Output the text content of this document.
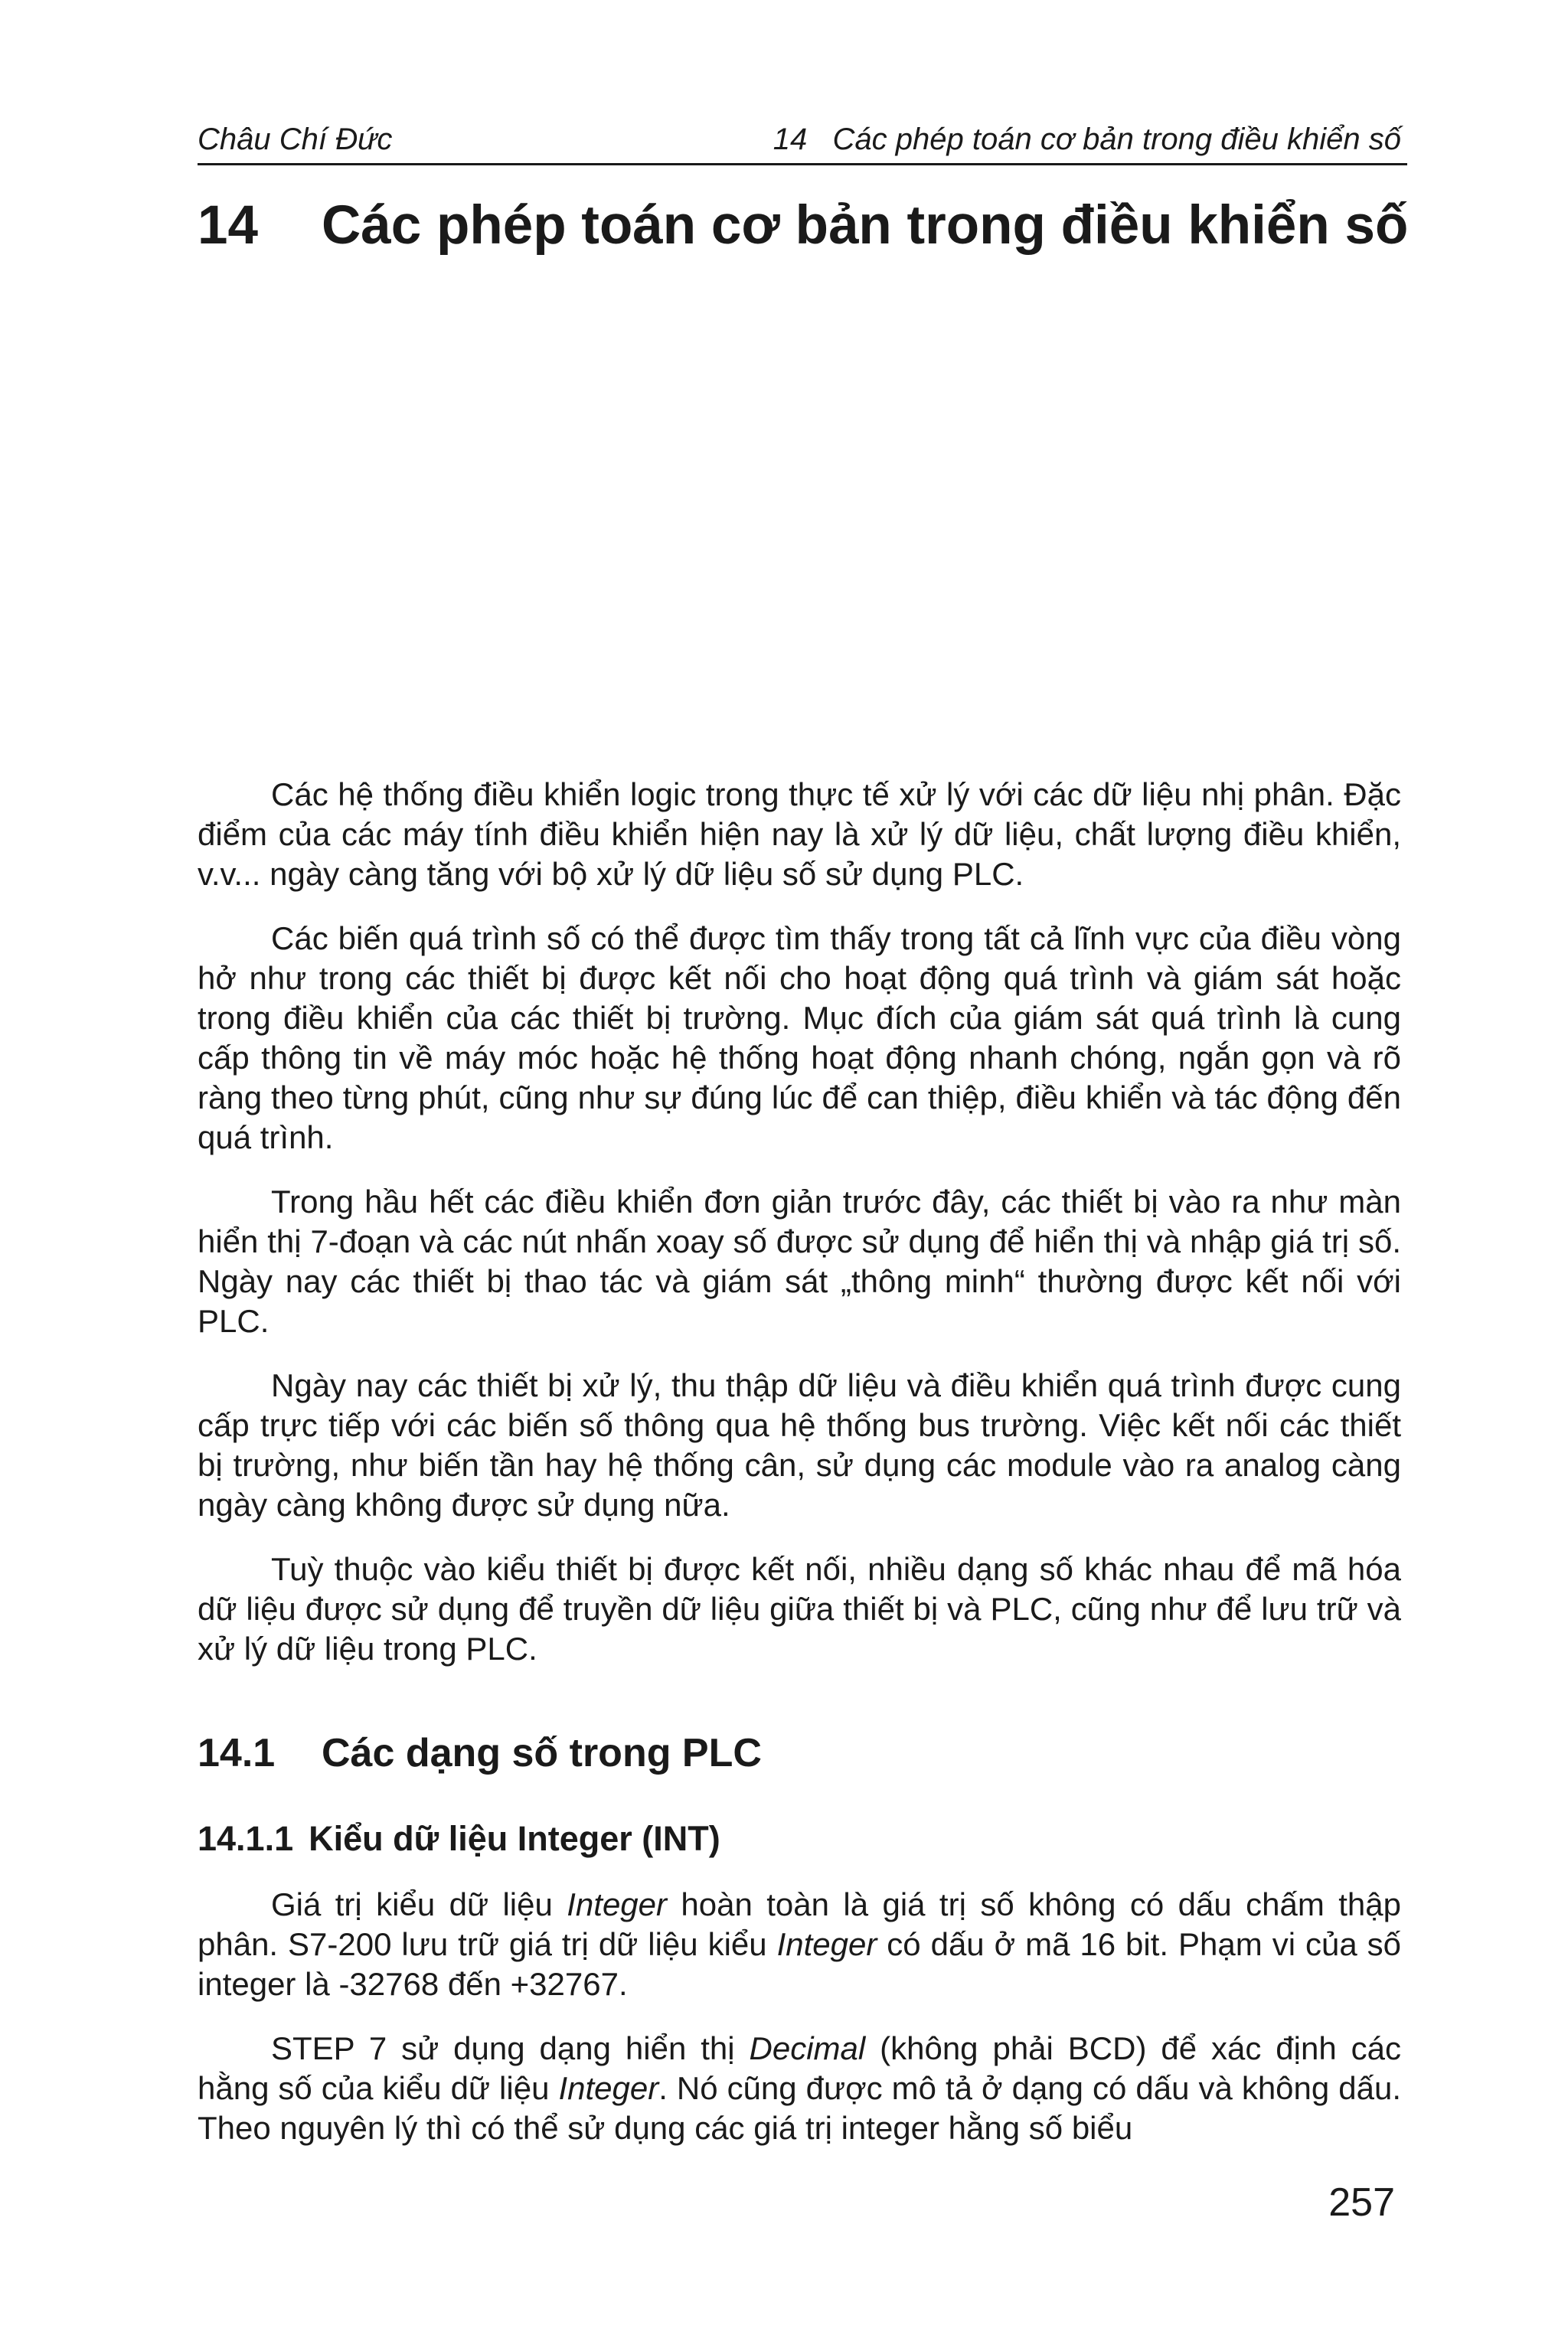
Châu Chí Đức	14   Các phép toán cơ bản trong điều khiển số
14	Các phép toán cơ bản trong điều khiển số

Các hệ thống điều khiển logic trong thực tế xử lý với các dữ liệu nhị phân. Đặc điểm của các máy tính điều khiển hiện nay là xử lý dữ liệu, chất lượng điều khiển, v.v... ngày càng tăng với bộ xử lý dữ liệu số sử dụng PLC.

Các biến quá trình số có thể được tìm thấy trong tất cả lĩnh vực của điều vòng hở như trong các thiết bị được kết nối cho hoạt động quá trình và giám sát hoặc trong điều khiển của các thiết bị trường. Mục đích của giám sát quá trình là cung cấp thông tin về máy móc hoặc hệ thống hoạt động nhanh chóng, ngắn gọn và rõ ràng theo từng phút, cũng như sự đúng lúc để can thiệp, điều khiển và tác động đến quá trình.

Trong hầu hết các điều khiển đơn giản trước đây, các thiết bị vào ra như màn hiển thị 7-đoạn và các nút nhấn xoay số được sử dụng để hiển thị và nhập giá trị số. Ngày nay các thiết bị thao tác và giám sát „thông minh“ thường được kết nối với PLC.

Ngày nay các thiết bị xử lý, thu thập dữ liệu và điều khiển quá trình được cung cấp trực tiếp với các biến số thông qua hệ thống bus trường. Việc kết nối các thiết bị trường, như biến tần hay hệ thống cân, sử dụng các module vào ra analog càng ngày càng không được sử dụng nữa.

Tuỳ thuộc vào kiểu thiết bị được kết nối, nhiều dạng số khác nhau để mã hóa dữ liệu được sử dụng để truyền dữ liệu giữa thiết bị và PLC, cũng như để lưu trữ và xử lý dữ liệu trong PLC.

14.1	Các dạng số trong PLC
14.1.1 Kiểu dữ liệu Integer (INT)

Giá trị kiểu dữ liệu Integer hoàn toàn là giá trị số không có dấu chấm thập phân. S7-200 lưu trữ giá trị dữ liệu kiểu Integer có dấu ở mã 16 bit. Phạm vi của số integer là -32768 đến +32767.

STEP 7 sử dụng dạng hiển thị Decimal (không phải BCD) để xác định các hằng số của kiểu dữ liệu Integer. Nó cũng được mô tả ở dạng có dấu và không dấu. Theo nguyên lý thì có thể sử dụng các giá trị integer hằng số biểu

257
